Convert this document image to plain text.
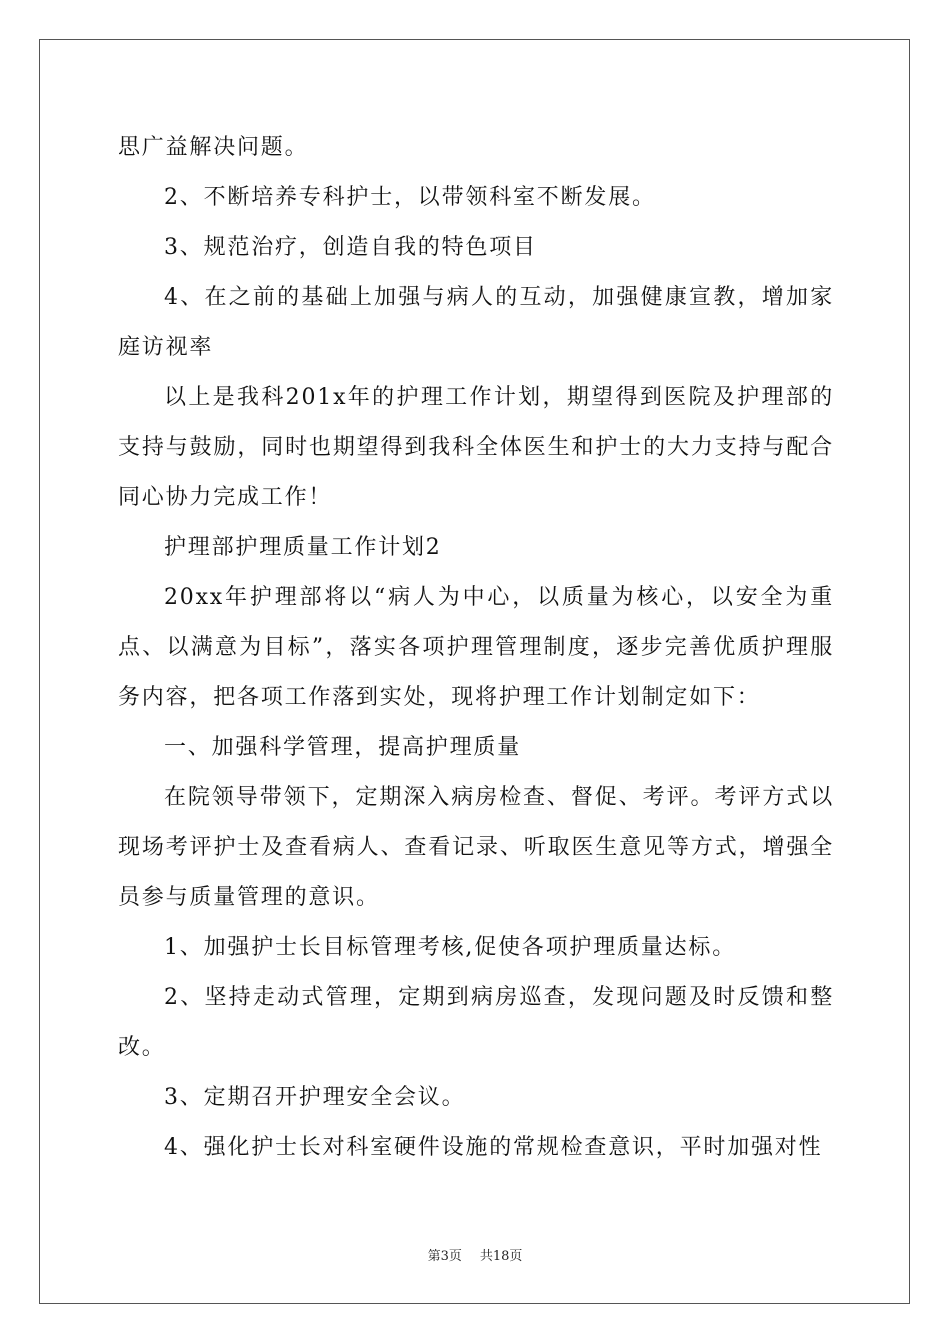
思广益解决问题。

2、不断培养专科护士，以带领科室不断发展。

3、规范治疗，创造自我的特色项目

4、在之前的基础上加强与病人的互动，加强健康宣教，增加家庭访视率

以上是我科201x年的护理工作计划，期望得到医院及护理部的支持与鼓励，同时也期望得到我科全体医生和护士的大力支持与配合同心协力完成工作！

护理部护理质量工作计划2

20xx年护理部将以“病人为中心，以质量为核心，以安全为重点、以满意为目标”，落实各项护理管理制度，逐步完善优质护理服务内容，把各项工作落到实处，现将护理工作计划制定如下：

一、加强科学管理，提高护理质量

在院领导带领下，定期深入病房检查、督促、考评。考评方式以现场考评护士及查看病人、查看记录、听取医生意见等方式，增强全员参与质量管理的意识。

1、加强护士长目标管理考核,促使各项护理质量达标。

2、坚持走动式管理，定期到病房巡查，发现问题及时反馈和整改。

3、定期召开护理安全会议。

4、强化护士长对科室硬件设施的常规检查意识，平时加强对性

第3页 共18页
